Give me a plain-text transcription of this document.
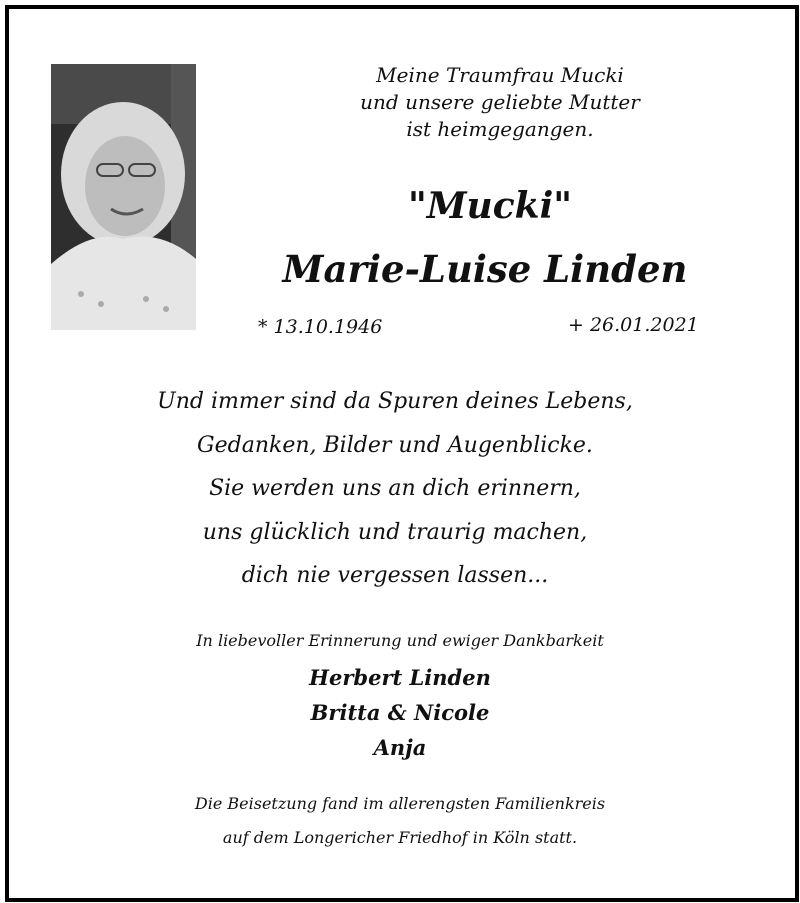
Meine Traumfrau Mucki
und unsere geliebte Mutter
ist heimgegangen.
"Mucki"
Marie-Luise Linden
* 13.10.1946	+ 26.01.2021
Und immer sind da Spuren deines Lebens,
Gedanken, Bilder und Augenblicke.
Sie werden uns an dich erinnern,
uns glücklich und traurig machen,
dich nie vergessen lassen...
In liebevoller Erinnerung und ewiger Dankbarkeit
Herbert Linden
Britta & Nicole
Anja
Die Beisetzung fand im allerengsten Familienkreis
auf dem Longericher Friedhof in Köln statt.
